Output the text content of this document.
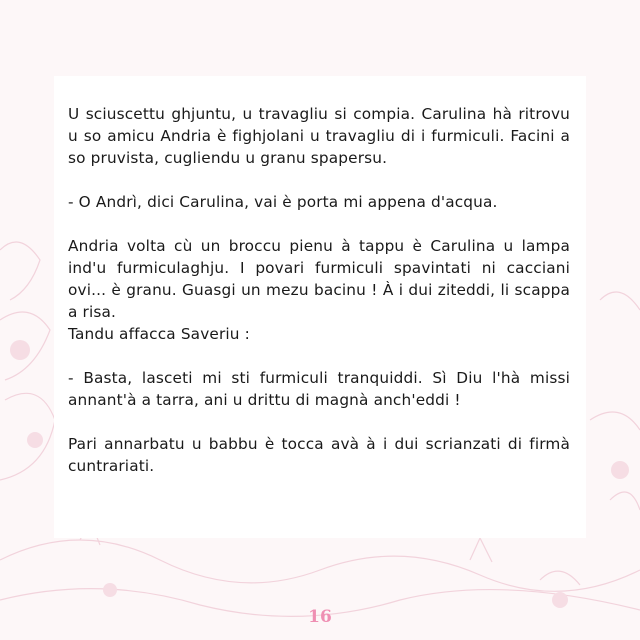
U sciuscettu ghjuntu, u travagliu si compia. Carulina hà ritrovu u so amicu Andria è fighjolani u travagliu di i furmiculi. Facini a so pruvista, cugliendu u granu spapersu.

- O Andrì, dici Carulina, vai è porta mi appena d'acqua.

Andria volta cù un broccu pienu à tappu è Carulina u lampa ind'u furmiculaghju. I povari furmiculi spavintati ni cacciani ovi... è granu. Guasgi un mezu bacinu ! À i dui ziteddi, li scappa a risa.

Tandu affacca Saveriu :

- Basta, lasceti mi sti furmiculi tranquiddi. Sì Diu l'hà missi annant'à a tarra, ani u drittu di magnà anch'eddi !

Pari annarbatu u babbu è tocca avà à i dui scrianzati di firmà cuntrariati.

16
